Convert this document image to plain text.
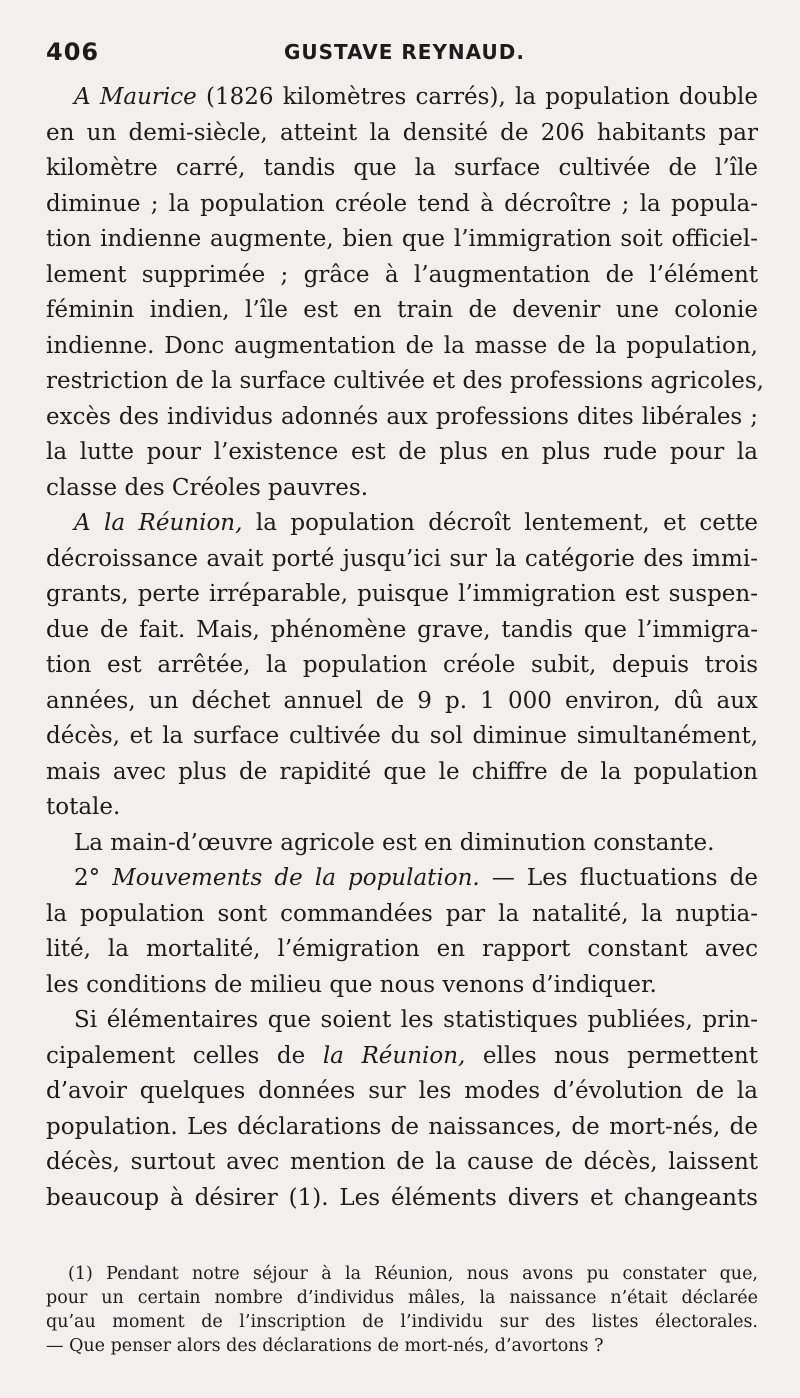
406	GUSTAVE REYNAUD.
A Maurice (1826 kilomètres carrés), la population double
en un demi-siècle, atteint la densité de 206 habitants par
kilomètre carré, tandis que la surface cultivée de l’île
diminue ; la population créole tend à décroître ; la popula-
tion indienne augmente, bien que l’immigration soit officiel-
lement supprimée ; grâce à l’augmentation de l’élément
féminin indien, l’île est en train de devenir une colonie
indienne. Donc augmentation de la masse de la population,
restriction de la surface cultivée et des professions agricoles,
excès des individus adonnés aux professions dites libérales ;
la lutte pour l’existence est de plus en plus rude pour la
classe des Créoles pauvres.
A la Réunion, la population décroît lentement, et cette
décroissance avait porté jusqu’ici sur la catégorie des immi-
grants, perte irréparable, puisque l’immigration est suspen-
due de fait. Mais, phénomène grave, tandis que l’immigra-
tion est arrêtée, la population créole subit, depuis trois
années, un déchet annuel de 9 p. 1 000 environ, dû aux
décès, et la surface cultivée du sol diminue simultanément,
mais avec plus de rapidité que le chiffre de la population
totale.
La main-d’œuvre agricole est en diminution constante.
2° Mouvements de la population. — Les fluctuations de
la population sont commandées par la natalité, la nuptia-
lité, la mortalité, l’émigration en rapport constant avec
les conditions de milieu que nous venons d’indiquer.
Si élémentaires que soient les statistiques publiées, prin-
cipalement celles de la Réunion, elles nous permettent
d’avoir quelques données sur les modes d’évolution de la
population. Les déclarations de naissances, de mort-nés, de
décès, surtout avec mention de la cause de décès, laissent
beaucoup à désirer (1). Les éléments divers et changeants
(1) Pendant notre séjour à la Réunion, nous avons pu constater que,
pour un certain nombre d’individus mâles, la naissance n’était déclarée
qu’au moment de l’inscription de l’individu sur des listes électorales.
— Que penser alors des déclarations de mort-nés, d’avortons ?
